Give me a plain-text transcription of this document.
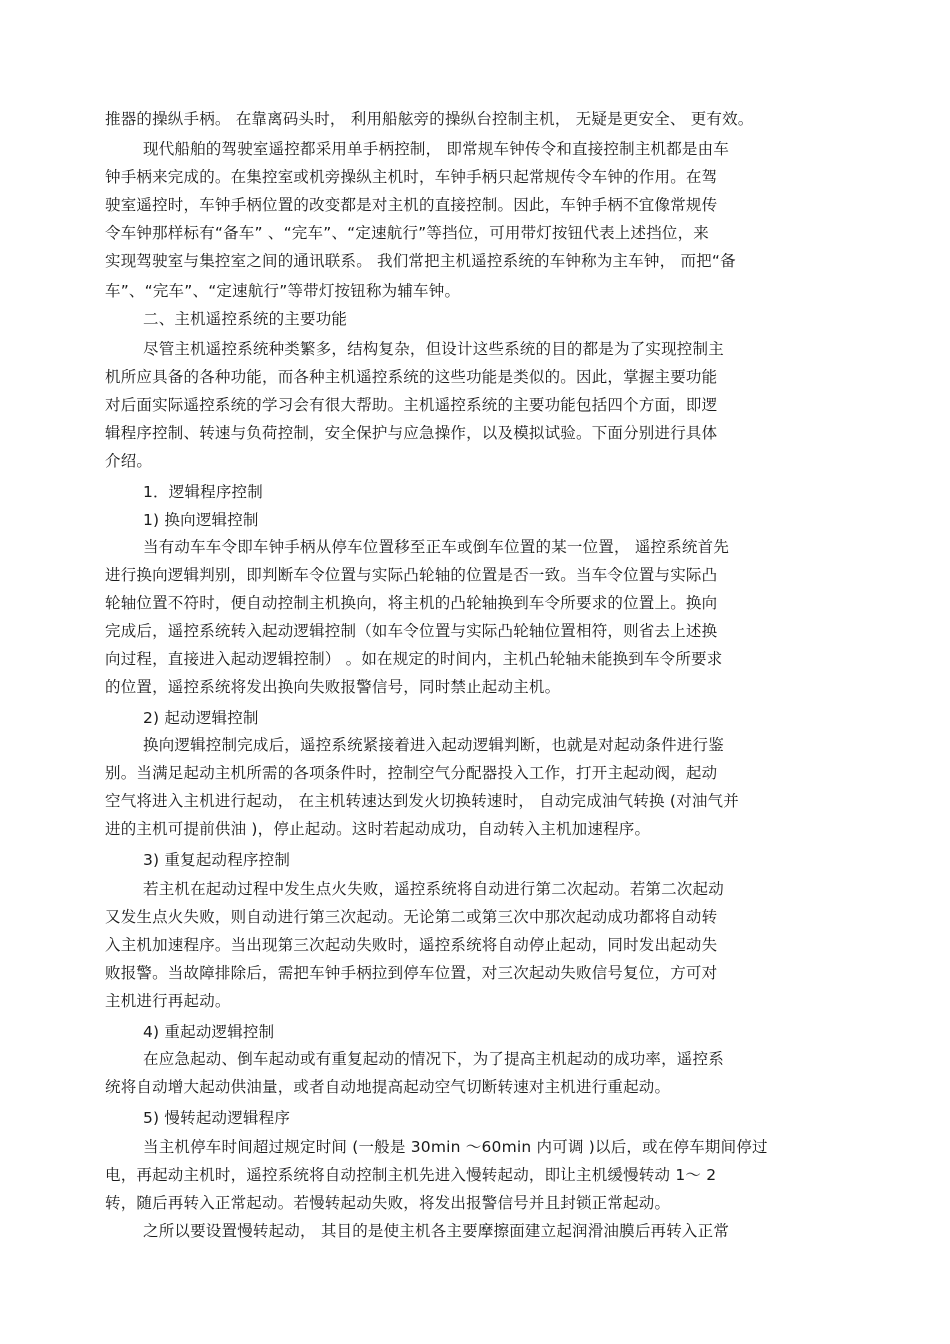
推器的操纵手柄。 在靠离码头时， 利用船舷旁的操纵台控制主机， 无疑是更安全、 更有效。
现代船舶的驾驶室遥控都采用单手柄控制， 即常规车钟传令和直接控制主机都是由车
钟手柄来完成的。在集控室或机旁操纵主机时，车钟手柄只起常规传令车钟的作用。在驾
驶室遥控时，车钟手柄位置的改变都是对主机的直接控制。因此，车钟手柄不宜像常规传
令车钟那样标有“备车” 、“完车”、“定速航行”等挡位，可用带灯按钮代表上述挡位，来
实现驾驶室与集控室之间的通讯联系。 我们常把主机遥控系统的车钟称为主车钟， 而把“备
车”、“完车”、“定速航行”等带灯按钮称为辅车钟。
二、主机遥控系统的主要功能
尽管主机遥控系统种类繁多，结构复杂，但设计这些系统的目的都是为了实现控制主
机所应具备的各种功能，而各种主机遥控系统的这些功能是类似的。因此，掌握主要功能
对后面实际遥控系统的学习会有很大帮助。主机遥控系统的主要功能包括四个方面，即逻
辑程序控制、转速与负荷控制，安全保护与应急操作，以及模拟试验。下面分别进行具体
介绍。
1．逻辑程序控制
1) 换向逻辑控制
当有动车车令即车钟手柄从停车位置移至正车或倒车位置的某一位置， 遥控系统首先
进行换向逻辑判别，即判断车令位置与实际凸轮轴的位置是否一致。当车令位置与实际凸
轮轴位置不符时，便自动控制主机换向，将主机的凸轮轴换到车令所要求的位置上。换向
完成后，遥控系统转入起动逻辑控制（如车令位置与实际凸轮轴位置相符，则省去上述换
向过程，直接进入起动逻辑控制） 。如在规定的时间内，主机凸轮轴未能换到车令所要求
的位置，遥控系统将发出换向失败报警信号，同时禁止起动主机。
2) 起动逻辑控制
换向逻辑控制完成后，遥控系统紧接着进入起动逻辑判断，也就是对起动条件进行鉴
别。当满足起动主机所需的各项条件时，控制空气分配器投入工作，打开主起动阀，起动
空气将进入主机进行起动， 在主机转速达到发火切换转速时， 自动完成油气转换 (对油气并
进的主机可提前供油 )，停止起动。这时若起动成功，自动转入主机加速程序。
3) 重复起动程序控制
若主机在起动过程中发生点火失败，遥控系统将自动进行第二次起动。若第二次起动
又发生点火失败，则自动进行第三次起动。无论第二或第三次中那次起动成功都将自动转
入主机加速程序。当出现第三次起动失败时，遥控系统将自动停止起动，同时发出起动失
败报警。当故障排除后，需把车钟手柄拉到停车位置，对三次起动失败信号复位，方可对
主机进行再起动。
4) 重起动逻辑控制
在应急起动、倒车起动或有重复起动的情况下，为了提高主机起动的成功率，遥控系
统将自动增大起动供油量，或者自动地提高起动空气切断转速对主机进行重起动。
5) 慢转起动逻辑程序
当主机停车时间超过规定时间 (一般是 30min ～60min 内可调 )以后，或在停车期间停过
电，再起动主机时，遥控系统将自动控制主机先进入慢转起动，即让主机缓慢转动 1～ 2
转，随后再转入正常起动。若慢转起动失败，将发出报警信号并且封锁正常起动。
之所以要设置慢转起动， 其目的是使主机各主要摩擦面建立起润滑油膜后再转入正常
